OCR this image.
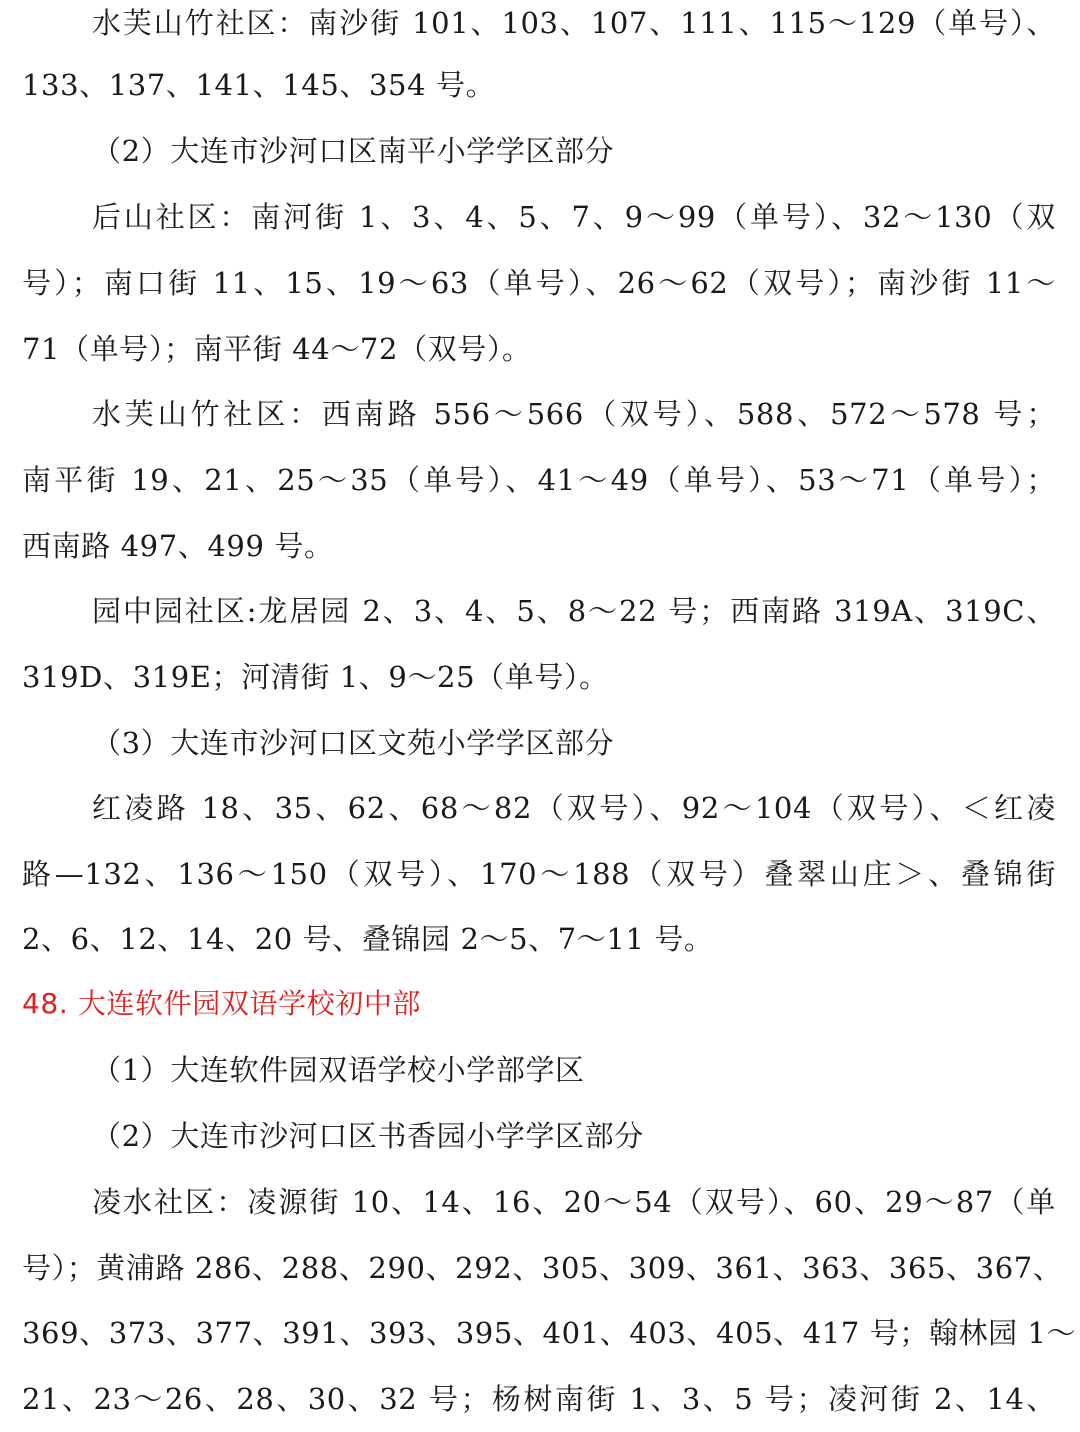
水芙山竹社区：南沙街 101、103、107、111、115～129（单号）、
133、137、141、145、354 号。
（2）大连市沙河口区南平小学学区部分
后山社区：南河街 1、3、4、5、7、9～99（单号）、32～130（双
号）；南口街 11、15、19～63（单号）、26～62（双号）；南沙街 11～
71（单号）；南平街 44～72（双号）。
水芙山竹社区：西南路 556～566（双号）、588、572～578 号；
南平街 19、21、25～35（单号）、41～49（单号）、53～71（单号）；
西南路 497、499 号。
园中园社区:龙居园 2、3、4、5、8～22 号；西南路 319A、319C、
319D、319E；河清街 1、9～25（单号）。
（3）大连市沙河口区文苑小学学区部分
红凌路 18、35、62、68～82（双号）、92～104（双号）、＜红凌
路—132、136～150（双号）、170～188（双号）叠翠山庄＞、叠锦街
2、6、12、14、20 号、叠锦园 2～5、7～11 号。
48. 大连软件园双语学校初中部
（1）大连软件园双语学校小学部学区
（2）大连市沙河口区书香园小学学区部分
凌水社区：凌源街 10、14、16、20～54（双号）、60、29～87（单
号）；黄浦路 286、288、290、292、305、309、361、363、365、367、
369、373、377、391、393、395、401、403、405、417 号；翰林园 1～
21、23～26、28、30、32 号；杨树南街 1、3、5 号；凌河街 2、14、
